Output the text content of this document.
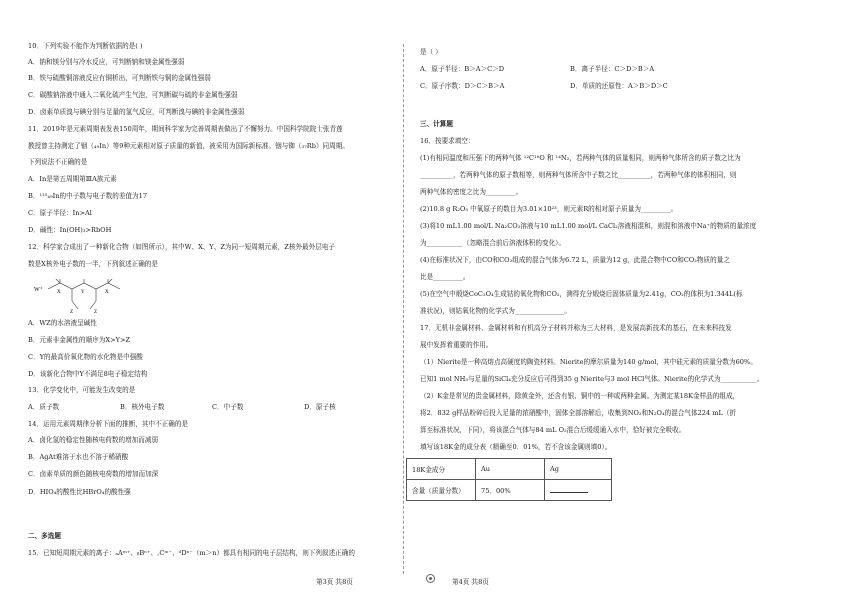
10．下列实验不能作为判断依据的是( )
A．钠和镁分别与冷水反应，可判断钠和镁金属性强弱
B．铁与硫酸铜溶液反应有铜析出，可判断铁与铜的金属性强弱
C．碳酸钠溶液中通入二氧化硫产生气泡，可判断碳与硫的非金属性强弱
D．卤素单质溴与碘分别与足量的氢气反应，可判断溴与碘的非金属性强弱
11．2019年是元素周期表发表150周年，期间科学家为完善周期表做出了不懈努力。中国科学院院士张青莲
教授曾主持测定了铟（₄₉In）等9种元素相对原子质量的新值，被采用为国际新标准。铟与铷（₃₇Rb）同周期。
下列说法不正确的是
A．In是第五周期第ⅢA族元素
B．¹¹⁵₄₉In的中子数与电子数的差值为17
C．原子半径：In>Al
D．碱性：In(OH)₃>RbOH
12．科学家合成出了一种新化合物（如图所示），其中W、X、Y、Z为同一短周期元素，Z核外最外层电子
数是X核外电子数的一半，下列叙述正确的是
A．WZ的水溶液呈碱性
B．元素非金属性的顺序为X>Y>Z
C．Y的最高价氧化物的水化物是中强酸
D．该新化合物中Y不满足8电子稳定结构
13．化学变化中，可能发生改变的是
14．运用元素周期律分析下面的推断，其中不正确的是
A．卤化氢的稳定性随核电荷数的增加而减弱
B．AgAt难溶于水也不溶于稀硝酸
C．卤素单质的颜色随核电荷数的增加而加深
D．HIO₄的酸性比HBrO₄的酸性强
二、多选题
15．已知短周期元素的离子：ₐAᵐ⁺、ᵦBⁿ⁺、꜀Cᵐ⁻、ᵈDⁿ⁻（m＞n）都具有相同的电子层结构，则下列叙述正确的
A．质子数	B．核外电子数	C．中子数	D．原子核
是（ ）
三、计算题
16．按要求填空：
(1)有相同温度和压强下的两种气体 ¹²C¹⁸O 和 ¹⁴N₂，若两种气体的质量相同，则两种气体所含的质子数之比为
__________，若两种气体的原子数相等，则两种气体所含中子数之比__________，若两种气体的体积相同，则
两种气体的密度之比为_________。
(2)10.8 g R₂O₅ 中氧原子的数目为3.01×10²³，则元素R的相对原子质量为_________。
(3)将10 mL1.00 mol/L Na₂CO₃溶液与10 mL1.00 mol/L CaCl₂溶液相混和，则混和溶液中Na⁺的物质的量浓度
为___________（忽略混合前后溶液体积的变化）。
(4)在标准状况下，由CO和CO₂组成的混合气体为6.72 L，质量为12 g，此混合物中CO和CO₂物质的量之
比是_________。
(5)在空气中煅烧CoC₂O₄生成钴的氧化物和CO₂，测得充分煅烧后固体质量为2.41g，CO₂的体积为1.344L(标
准状况)，则钴氧化物的化学式为_______________。
17．无机非金属材料、金属材料和有机高分子材料并称为三大材料，是发展高新技术的基石，在未来科技发
展中发挥着重要的作用。
（1）Nierite是一种高熔点高硬度的陶瓷材料。Nierite的摩尔质量为140 g/mol，其中硅元素的质量分数为60%。
已知1 mol NH₃与足量的SiCl₄充分反应后可得到35 g Nierite与3 mol HCl气体。Nierite的化学式为___________。
（2）K金是常见的贵金属材料，除黄金外，还含有银、铜中的一种或两种金属。为测定某18K金样品的组成，
将2．832 g样品粉碎后投入足量的浓硝酸中，固体全部溶解后，收集到NO₂和N₂O₄的混合气体224 mL（折
算至标准状况，下同），将该混合气体与84 mL O₂混合后缓缓通入水中，恰好被完全吸收。
填写该18K金的成分表（精确至0．01%，若不含该金属则填0）。
A．原子半径：B＞A＞C＞D	B．离子半径：C＞D＞B＞A
C．原子序数：D＞C＞B＞A	D．单质的还原性：A＞B＞D＞C
W⁺	X	Y	X
Z	Z
18K金成分	Au	Ag
含量（质量分数）	75．00%	
第3页 共8页	第4页 共8页
